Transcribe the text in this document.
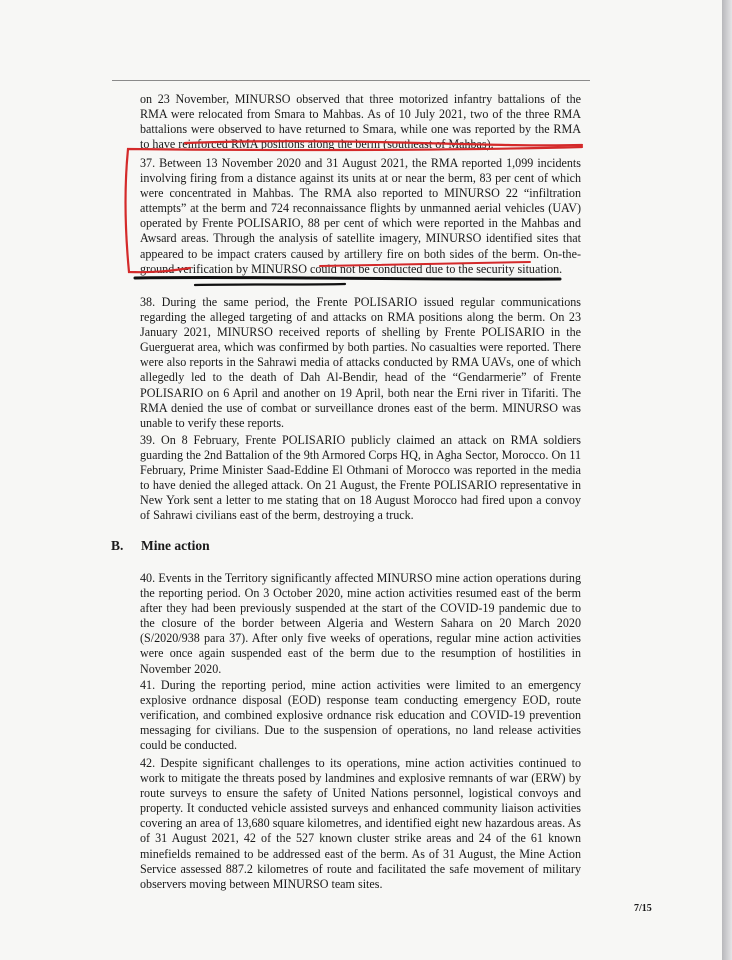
on 23 November, MINURSO observed that three motorized infantry battalions of the RMA were relocated from Smara to Mahbas. As of 10 July 2021, two of the three RMA battalions were observed to have returned to Smara, while one was reported by the RMA to have reinforced RMA positions along the berm (southeast of Mahbas).

37. Between 13 November 2020 and 31 August 2021, the RMA reported 1,099 incidents involving firing from a distance against its units at or near the berm, 83 per cent of which were concentrated in Mahbas. The RMA also reported to MINURSO 22 “infiltration attempts” at the berm and 724 reconnaissance flights by unmanned aerial vehicles (UAV) operated by Frente POLISARIO, 88 per cent of which were reported in the Mahbas and Awsard areas. Through the analysis of satellite imagery, MINURSO identified sites that appeared to be impact craters caused by artillery fire on both sides of the berm. On-the-ground verification by MINURSO could not be conducted due to the security situation.

38. During the same period, the Frente POLISARIO issued regular communications regarding the alleged targeting of and attacks on RMA positions along the berm. On 23 January 2021, MINURSO received reports of shelling by Frente POLISARIO in the Guerguerat area, which was confirmed by both parties. No casualties were reported. There were also reports in the Sahrawi media of attacks conducted by RMA UAVs, one of which allegedly led to the death of Dah Al-Bendir, head of the “Gendarmerie” of Frente POLISARIO on 6 April and another on 19 April, both near the Erni river in Tifariti. The RMA denied the use of combat or surveillance drones east of the berm. MINURSO was unable to verify these reports.

39. On 8 February, Frente POLISARIO publicly claimed an attack on RMA soldiers guarding the 2nd Battalion of the 9th Armored Corps HQ, in Agha Sector, Morocco. On 11 February, Prime Minister Saad-Eddine El Othmani of Morocco was reported in the media to have denied the alleged attack. On 21 August, the Frente POLISARIO representative in New York sent a letter to me stating that on 18 August Morocco had fired upon a convoy of Sahrawi civilians east of the berm, destroying a truck.

B. Mine action

40. Events in the Territory significantly affected MINURSO mine action operations during the reporting period. On 3 October 2020, mine action activities resumed east of the berm after they had been previously suspended at the start of the COVID-19 pandemic due to the closure of the border between Algeria and Western Sahara on 20 March 2020 (S/2020/938 para 37). After only five weeks of operations, regular mine action activities were once again suspended east of the berm due to the resumption of hostilities in November 2020.

41. During the reporting period, mine action activities were limited to an emergency explosive ordnance disposal (EOD) response team conducting emergency EOD, route verification, and combined explosive ordnance risk education and COVID-19 prevention messaging for civilians. Due to the suspension of operations, no land release activities could be conducted.

42. Despite significant challenges to its operations, mine action activities continued to work to mitigate the threats posed by landmines and explosive remnants of war (ERW) by route surveys to ensure the safety of United Nations personnel, logistical convoys and property. It conducted vehicle assisted surveys and enhanced community liaison activities covering an area of 13,680 square kilometres, and identified eight new hazardous areas. As of 31 August 2021, 42 of the 527 known cluster strike areas and 24 of the 61 known minefields remained to be addressed east of the berm. As of 31 August, the Mine Action Service assessed 887.2 kilometres of route and facilitated the safe movement of military observers moving between MINURSO team sites.

7/15
